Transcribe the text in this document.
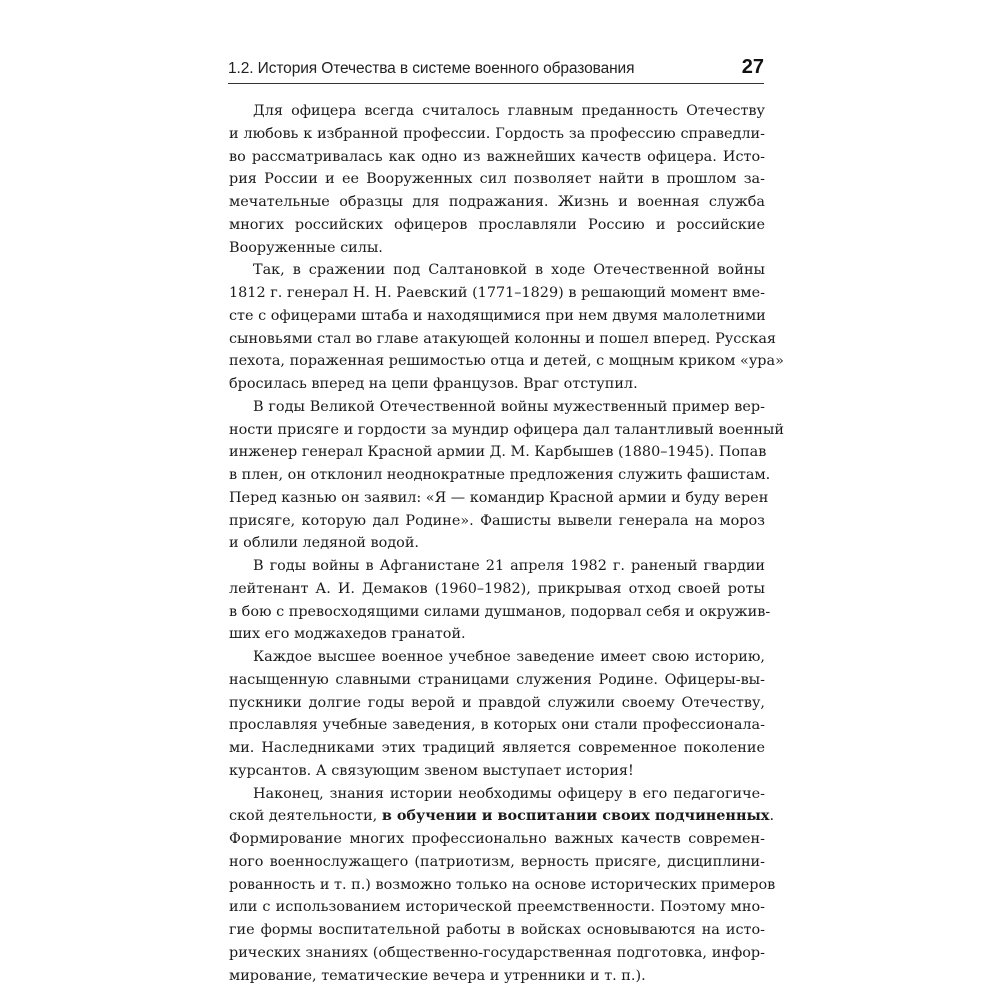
1.2. История Отечества в системе военного образования	27

Для офицера всегда считалось главным преданность Отечеству
и любовь к избранной профессии. Гордость за профессию справедли-
во рассматривалась как одно из важнейших качеств офицера. Исто-
рия России и ее Вооруженных сил позволяет найти в прошлом за-
мечательные образцы для подражания. Жизнь и военная служба
многих российских офицеров прославляли Россию и российские
Вооруженные силы.

Так, в сражении под Салтановкой в ходе Отечественной войны
1812 г. генерал Н. Н. Раевский (1771–1829) в решающий момент вме-
сте с офицерами штаба и находящимися при нем двумя малолетними
сыновьями стал во главе атакующей колонны и пошел вперед. Русская
пехота, пораженная решимостью отца и детей, с мощным криком «ура»
бросилась вперед на цепи французов. Враг отступил.

В годы Великой Отечественной войны мужественный пример вер-
ности присяге и гордости за мундир офицера дал талантливый военный
инженер генерал Красной армии Д. М. Карбышев (1880–1945). Попав
в плен, он отклонил неоднократные предложения служить фашистам.
Перед казнью он заявил: «Я — командир Красной армии и буду верен
присяге, которую дал Родине». Фашисты вывели генерала на мороз
и облили ледяной водой.

В годы войны в Афганистане 21 апреля 1982 г. раненый гвардии
лейтенант А. И. Демаков (1960–1982), прикрывая отход своей роты
в бою с превосходящими силами душманов, подорвал себя и окружив-
ших его моджахедов гранатой.

Каждое высшее военное учебное заведение имеет свою историю,
насыщенную славными страницами служения Родине. Офицеры-вы-
пускники долгие годы верой и правдой служили своему Отечеству,
прославляя учебные заведения, в которых они стали профессионала-
ми. Наследниками этих традиций является современное поколение
курсантов. А связующим звеном выступает история!

Наконец, знания истории необходимы офицеру в его педагогиче-
ской деятельности, в обучении и воспитании своих подчиненных.
Формирование многих профессионально важных качеств современ-
ного военнослужащего (патриотизм, верность присяге, дисциплини-
рованность и т. п.) возможно только на основе исторических примеров
или с использованием исторической преемственности. Поэтому мно-
гие формы воспитательной работы в войсках основываются на исто-
рических знаниях (общественно-государственная подготовка, инфор-
мирование, тематические вечера и утренники и т. п.).
